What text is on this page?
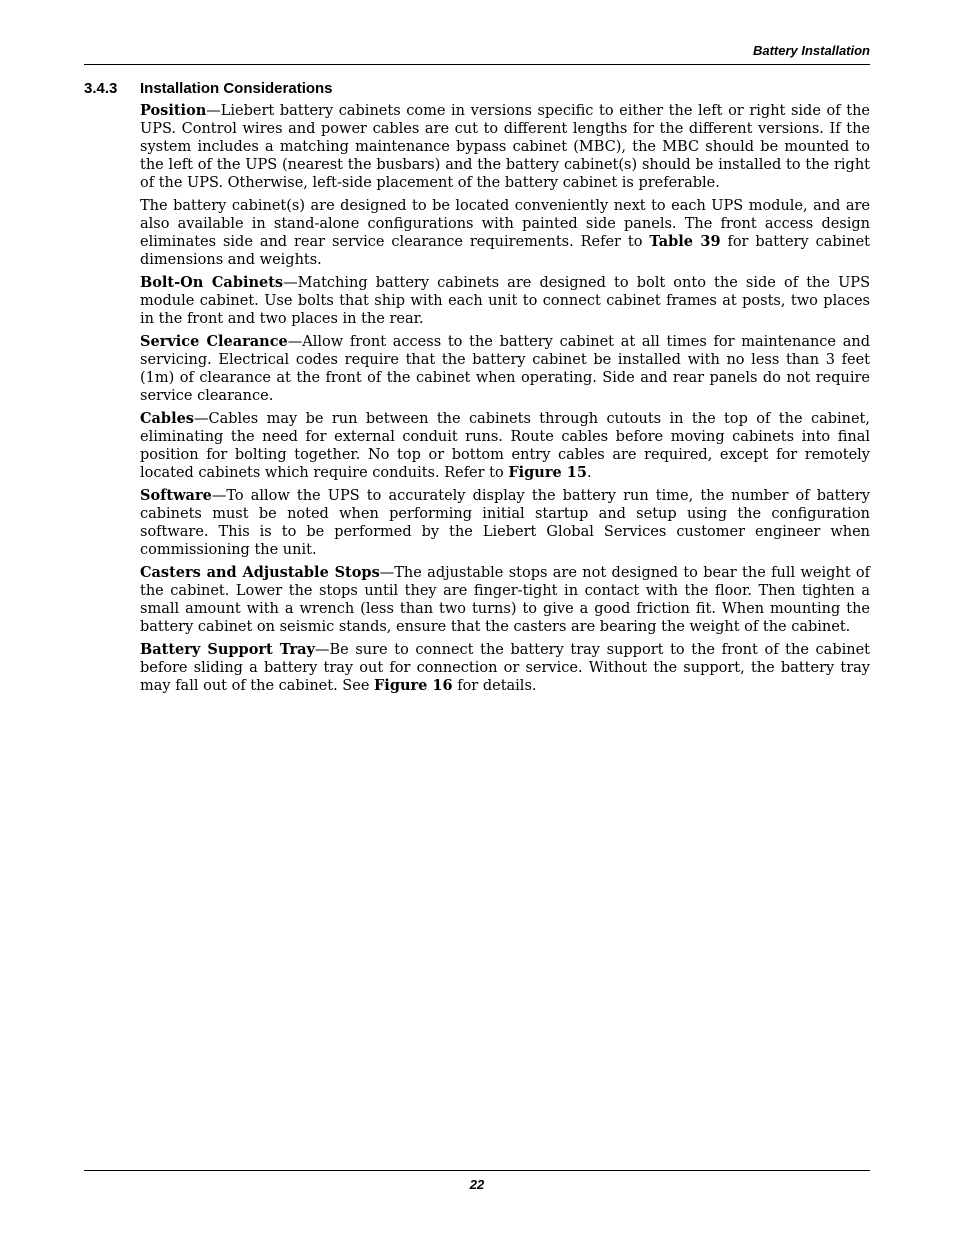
Battery Installation
3.4.3 Installation Considerations

Position—Liebert battery cabinets come in versions specific to either the left or right side of the UPS. Control wires and power cables are cut to different lengths for the different versions. If the system includes a matching maintenance bypass cabinet (MBC), the MBC should be mounted to the left of the UPS (nearest the busbars) and the battery cabinet(s) should be installed to the right of the UPS. Otherwise, left-side placement of the battery cabinet is preferable.

The battery cabinet(s) are designed to be located conveniently next to each UPS module, and are also available in stand-alone configurations with painted side panels. The front access design eliminates side and rear service clearance requirements. Refer to Table 39 for battery cabinet dimensions and weights.

Bolt-On Cabinets—Matching battery cabinets are designed to bolt onto the side of the UPS module cabinet. Use bolts that ship with each unit to connect cabinet frames at posts, two places in the front and two places in the rear.

Service Clearance—Allow front access to the battery cabinet at all times for maintenance and servicing. Electrical codes require that the battery cabinet be installed with no less than 3 feet (1m) of clearance at the front of the cabinet when operating. Side and rear panels do not require service clearance.

Cables—Cables may be run between the cabinets through cutouts in the top of the cabinet, eliminating the need for external conduit runs. Route cables before moving cabinets into final position for bolting together. No top or bottom entry cables are required, except for remotely located cabinets which require conduits. Refer to Figure 15.

Software—To allow the UPS to accurately display the battery run time, the number of battery cabinets must be noted when performing initial startup and setup using the configuration software. This is to be performed by the Liebert Global Services customer engineer when commissioning the unit.

Casters and Adjustable Stops—The adjustable stops are not designed to bear the full weight of the cabinet. Lower the stops until they are finger-tight in contact with the floor. Then tighten a small amount with a wrench (less than two turns) to give a good friction fit. When mounting the battery cabinet on seismic stands, ensure that the casters are bearing the weight of the cabinet.

Battery Support Tray—Be sure to connect the battery tray support to the front of the cabinet before sliding a battery tray out for connection or service. Without the support, the battery tray may fall out of the cabinet. See Figure 16 for details.

22
